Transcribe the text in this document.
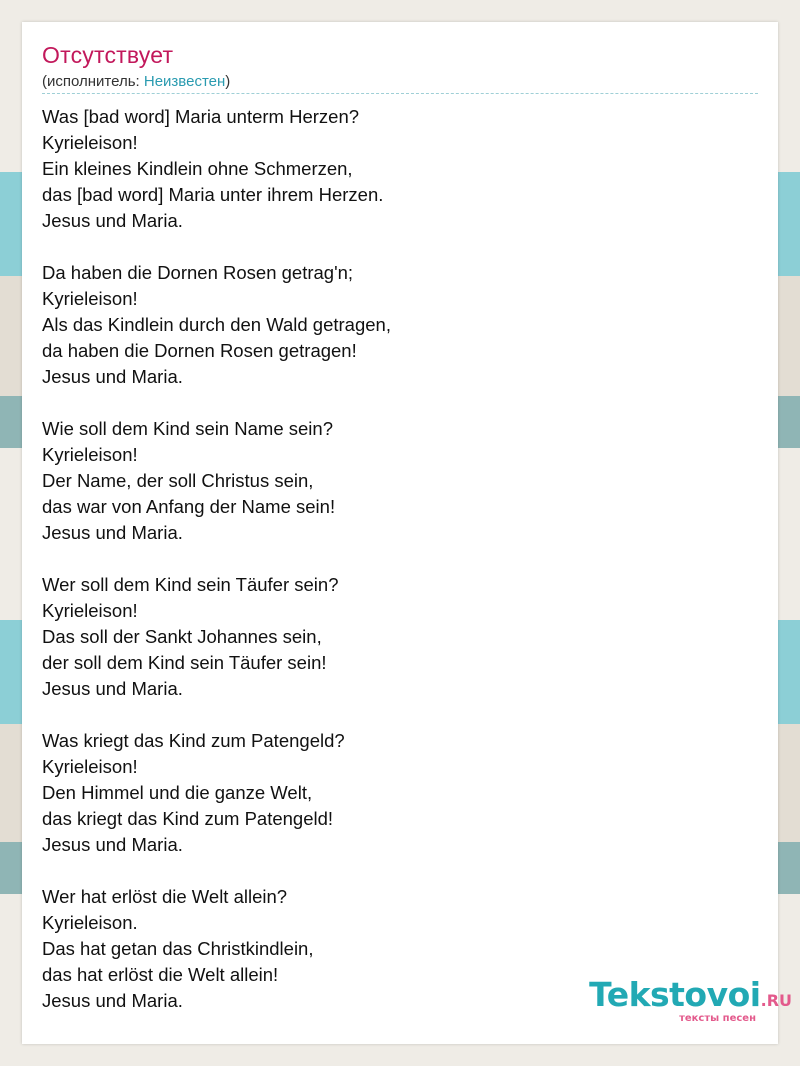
Отсутствует
(исполнитель: Неизвестен)
Was [bad word] Maria unterm Herzen?
Kyrieleison!
Ein kleines Kindlein ohne Schmerzen,
das [bad word] Maria unter ihrem Herzen.
Jesus und Maria.
Da haben die Dornen Rosen getrag'n;
Kyrieleison!
Als das Kindlein durch den Wald getragen,
da haben die Dornen Rosen getragen!
Jesus und Maria.
Wie soll dem Kind sein Name sein?
Kyrieleison!
Der Name, der soll Christus sein,
das war von Anfang der Name sein!
Jesus und Maria.
Wer soll dem Kind sein Täufer sein?
Kyrieleison!
Das soll der Sankt Johannes sein,
der soll dem Kind sein Täufer sein!
Jesus und Maria.
Was kriegt das Kind zum Patengeld?
Kyrieleison!
Den Himmel und die ganze Welt,
das kriegt das Kind zum Patengeld!
Jesus und Maria.
Wer hat erlöst die Welt allein?
Kyrieleison.
Das hat getan das Christkindlein,
das hat erlöst die Welt allein!
Jesus und Maria.	Tekstovoi.RU
тексты песен
